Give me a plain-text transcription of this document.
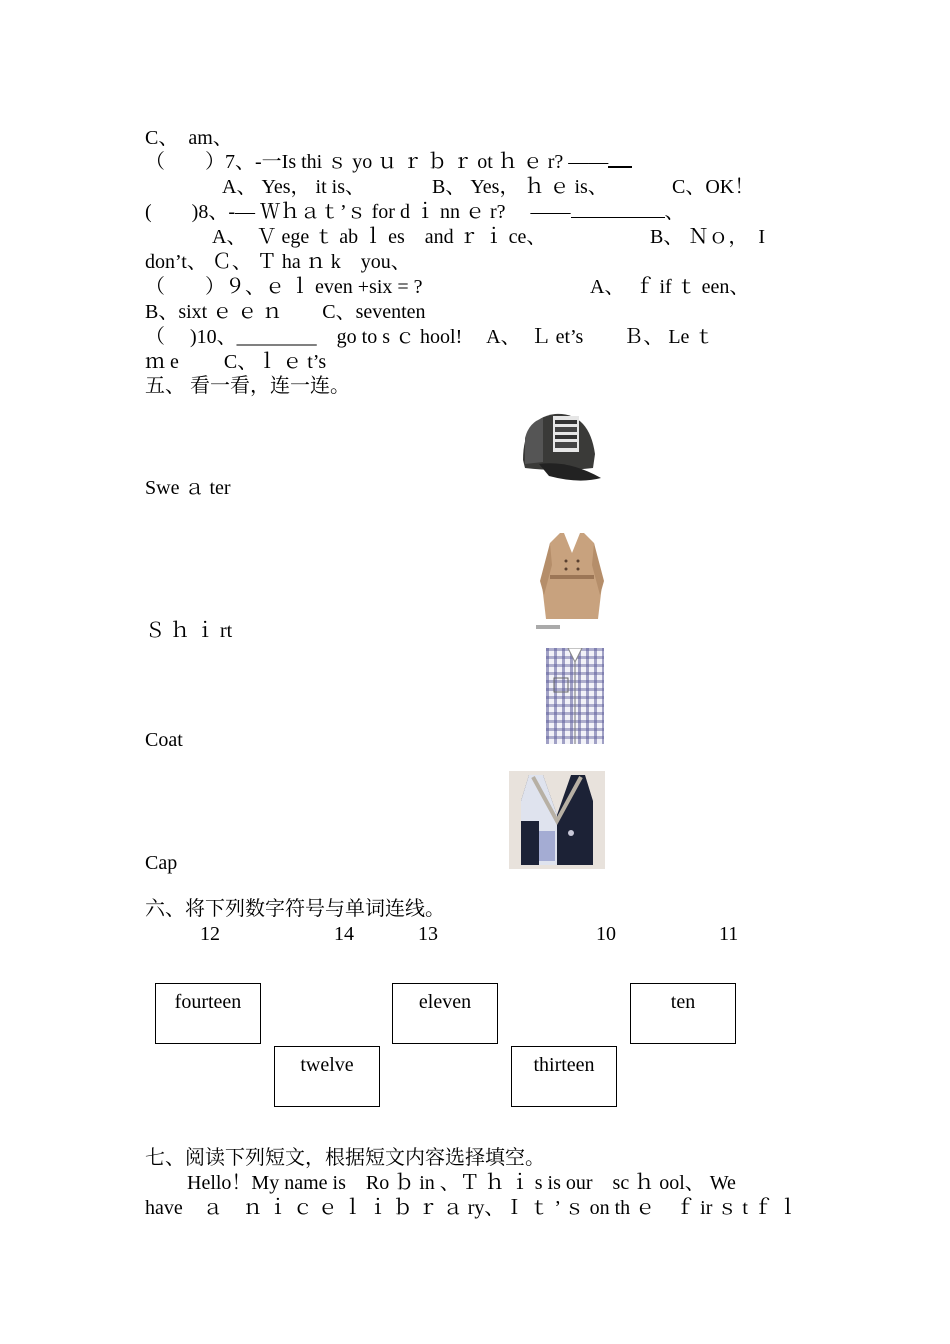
C、　am、
（　　）7、-一Is thi ｓ yo ｕ ｒ ｂ ｒ ot ｈ ｅ r? ——
A、 Yes， it is、	B、 Yes， ｈ ｅ is、	C、OK！
(　　)8、-— Ｗｈａｔ’ｓ for d ｉ nn ｅ r?　 ——	、
A、　Ｖ ege ｔ ab ｌ es　and ｒ ｉ ce、	B、 Ｎｏ，　I
don’t、 Ｃ、 Ｔ ha ｎ k　you、
（　　）９、ｅ ｌ even +six = ?	A、　ｆ if ｔ een、
B、sixt ｅ ｅ ｎ　　C、seventen
（　 )10、________　 go to s ｃ hool!　 A、　Ｌ et’s　　Ｂ、 Le ｔ
ｍ e　　 C、ｌ ｅ t’s
五、 看一看，连一连。
Swe ａ ter
Ｓ ｈ ｉ rt
Coat
Cap
六、将下列数字符号与单词连线。
12	14	13	10	11
fourteen
twelve
eleven
thirteen
ten
七、阅读下列短文，根据短文内容选择填空。
Hello！My name is　Ro ｂ in 、Ｔ ｈ ｉ s is our　sc ｈ ool、 We
have　ａ　ｎ ｉ ｃ ｅ ｌ ｉ ｂ ｒ ａ ry、Ｉ ｔ ’ ｓ on th ｅ　ｆ ir ｓ t ｆ ｌ
